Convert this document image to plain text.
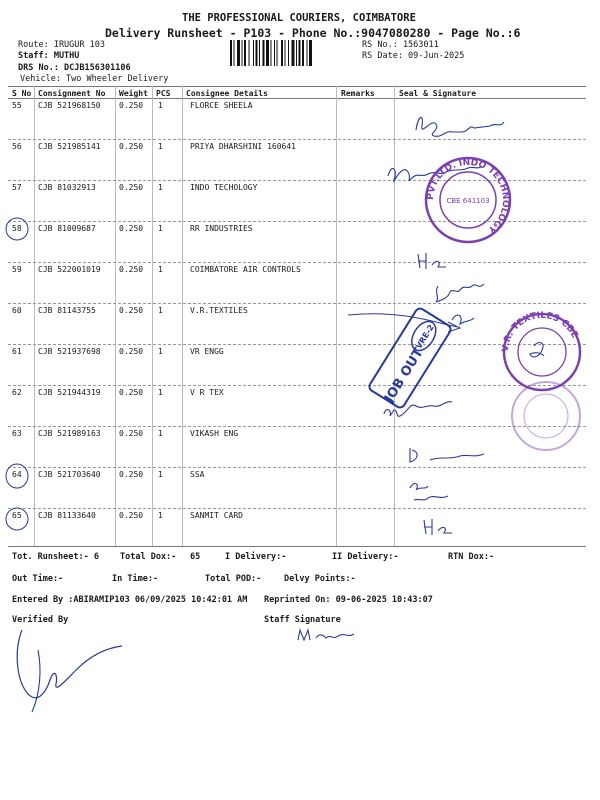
THE PROFESSIONAL COURIERS, COIMBATORE
Delivery Runsheet - P103 - Phone No.:9047080280 - Page No.:6
Route: IRUGUR 103
Staff: MUTHU
DRS No.: DCJB156301106
Vehicle: Two Wheeler Delivery
RS No.: 1563011
RS Date: 09-Jun-2025
S No Consignment No Weight PCS Consignee Details	Remarks	Seal & Signature
55 CJB 521968150 0.250 1	FLORCE SHEELA
56 CJB 521985141 0.250 1	PRIYA DHARSHINI 160641
57 CJB 81032913	0.250 1	INDO TECHOLOGY
58 CJB 81009687	0.250 1	RR INDUSTRIES
59 CJB 522001019 0.250 1	COIMBATORE AIR CONTROLS
60 CJB 81143755	0.250 1	V.R.TEXTILES
61 CJB 521937698 0.250 1	VR ENGG
62 CJB 521944319 0.250 1	V R TEX
63 CJB 521989163 0.250 1	VIKASH ENG
64 CJB 521703640 0.250 1	SSA
65 CJB 81133640	0.250 1	SANMIT CARD
Tot. Runsheet:- 6 Total Dox:- 65	I Delivery:-	II Delivery:-	RTN Dox:-
Out Time:-	In Time:-	Total POD:-	Delvy Points:-
Entered By :ABIRAMIP103 06/09/2025 10:42:01 AM Reprinted On: 09-06-2025 10:43:07
Verified By	Staff Signature
PVT.LTD. INDO TECHNOLOGY
CBE 641103
JOB OUT
VRE-2	V.R. TEXTILES CBE
